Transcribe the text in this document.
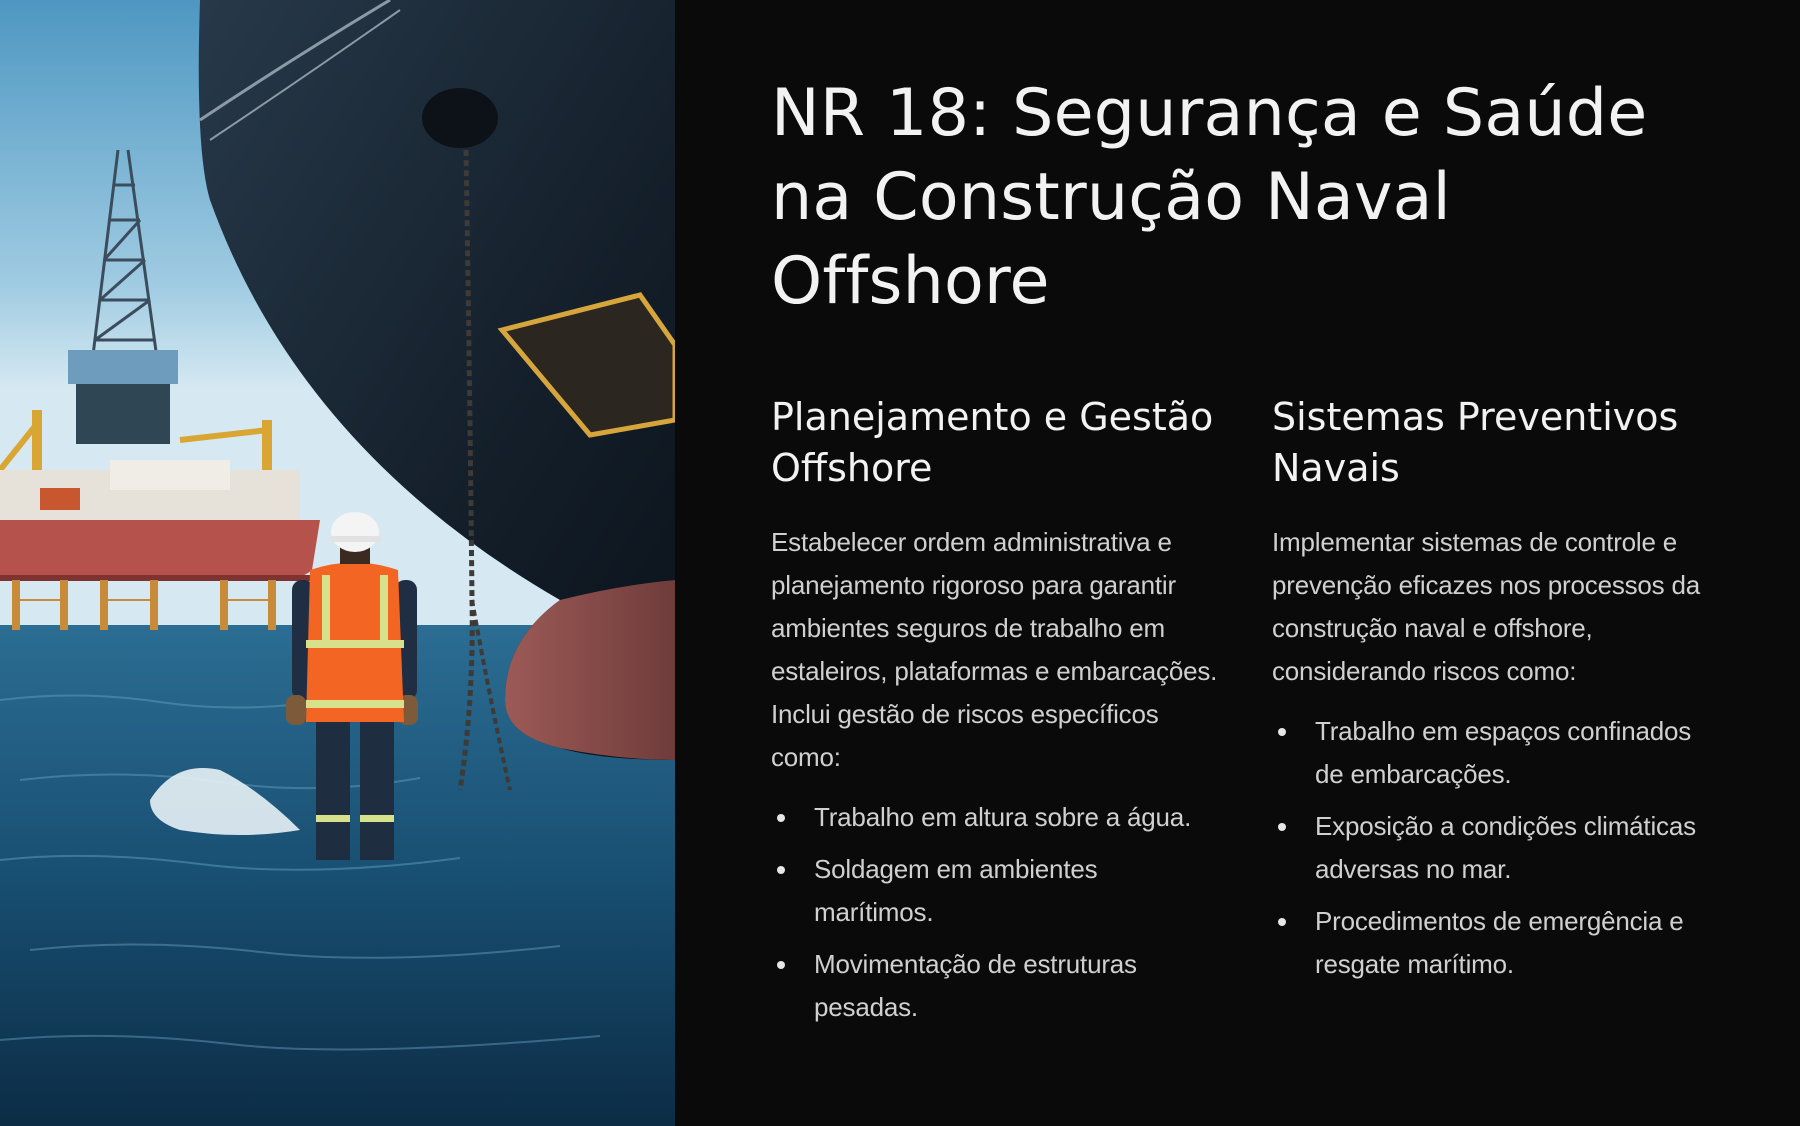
NR 18: Segurança e Saúde na Construção Naval Offshore
Planejamento e Gestão Offshore

Estabelecer ordem administrativa e planejamento rigoroso para garantir ambientes seguros de trabalho em estaleiros, plataformas e embarcações. Inclui gestão de riscos específicos como:

Trabalho em altura sobre a água.
Soldagem em ambientes marítimos.
Movimentação de estruturas pesadas.
Sistemas Preventivos Navais

Implementar sistemas de controle e prevenção eficazes nos processos da construção naval e offshore, considerando riscos como:

Trabalho em espaços confinados de embarcações.
Exposição a condições climáticas adversas no mar.
Procedimentos de emergência e resgate marítimo.
